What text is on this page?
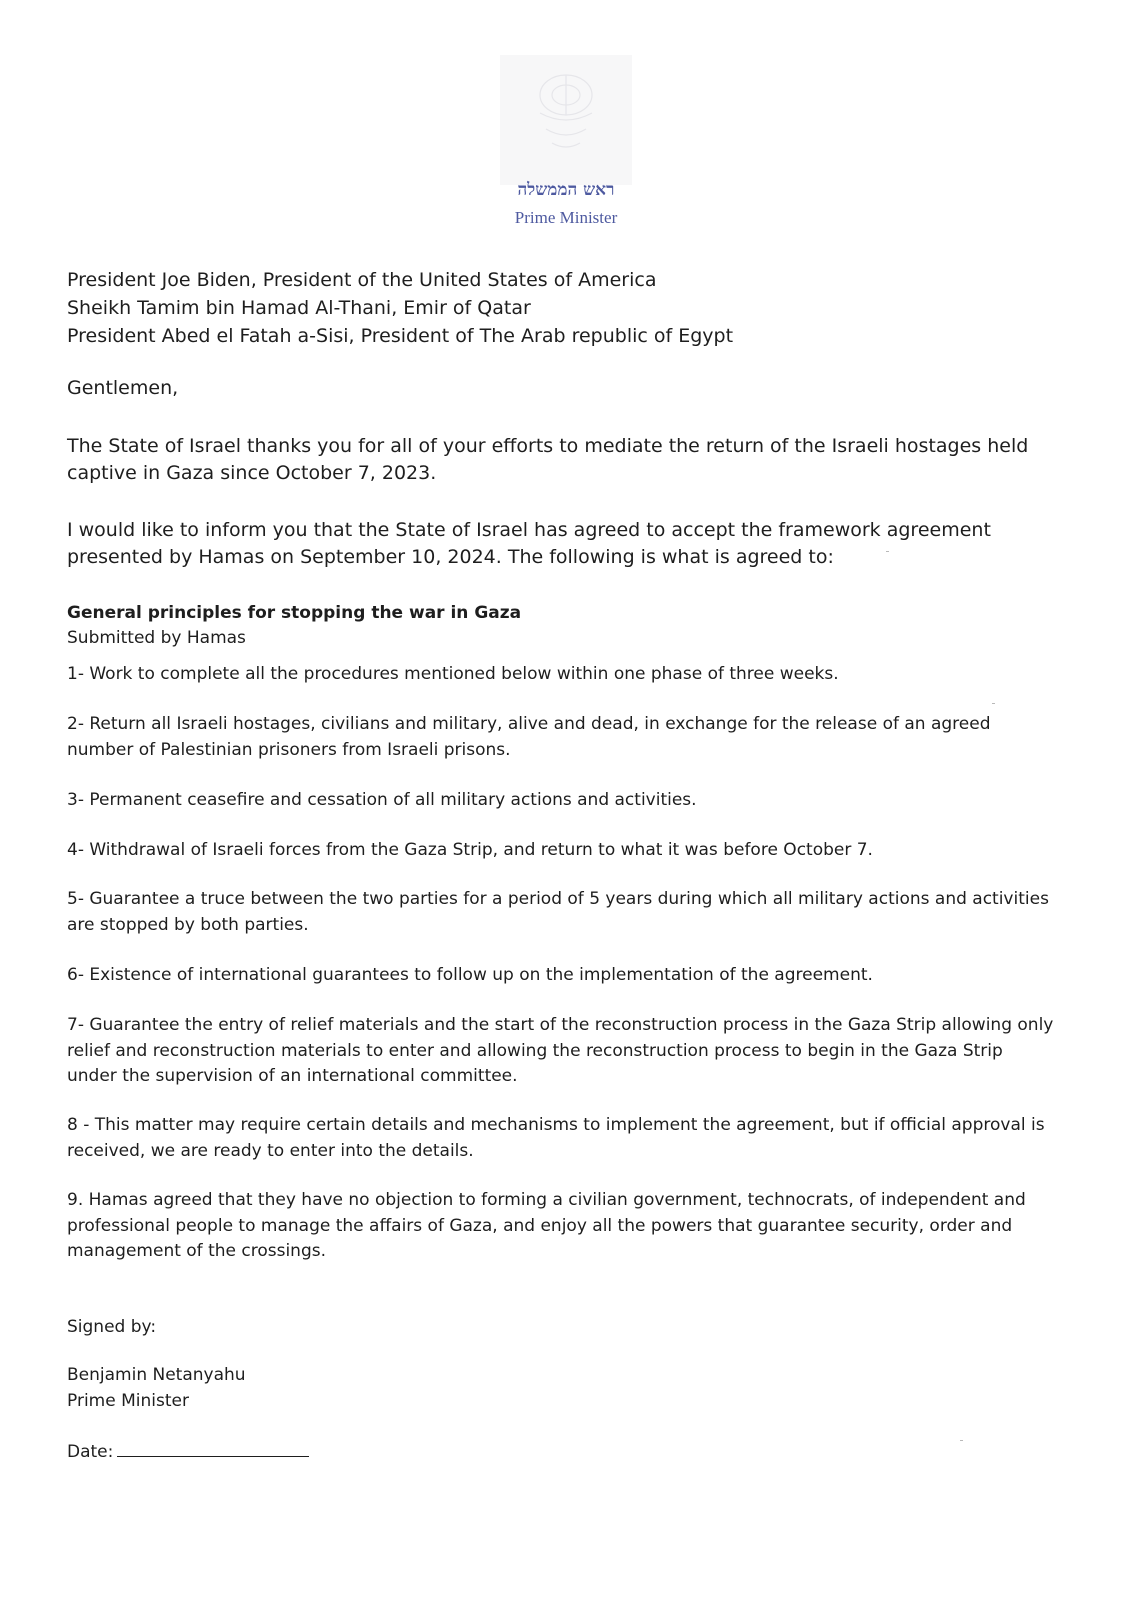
ראש הממשלה
Prime Minister
President Joe Biden, President of the United States of America
Sheikh Tamim bin Hamad Al-Thani, Emir of Qatar
President Abed el Fatah a-Sisi, President of The Arab republic of Egypt
Gentlemen,
The State of Israel thanks you for all of your efforts to mediate the return of the Israeli hostages held captive in Gaza since October 7, 2023.
I would like to inform you that the State of Israel has agreed to accept the framework agreement presented by Hamas on September 10, 2024. The following is what is agreed to:
General principles for stopping the war in Gaza
Submitted by Hamas
1- Work to complete all the procedures mentioned below within one phase of three weeks.
2- Return all Israeli hostages, civilians and military, alive and dead, in exchange for the release of an agreed number of Palestinian prisoners from Israeli prisons.
3- Permanent ceasefire and cessation of all military actions and activities.
4- Withdrawal of Israeli forces from the Gaza Strip, and return to what it was before October 7.
5- Guarantee a truce between the two parties for a period of 5 years during which all military actions and activities are stopped by both parties.
6- Existence of international guarantees to follow up on the implementation of the agreement.
7- Guarantee the entry of relief materials and the start of the reconstruction process in the Gaza Strip allowing only relief and reconstruction materials to enter and allowing the reconstruction process to begin in the Gaza Strip under the supervision of an international committee.
8 - This matter may require certain details and mechanisms to implement the agreement, but if official approval is received, we are ready to enter into the details.
9. Hamas agreed that they have no objection to forming a civilian government, technocrats, of independent and professional people to manage the affairs of Gaza, and enjoy all the powers that guarantee security, order and management of the crossings.
Signed by:
Benjamin Netanyahu
Prime Minister
Date:
